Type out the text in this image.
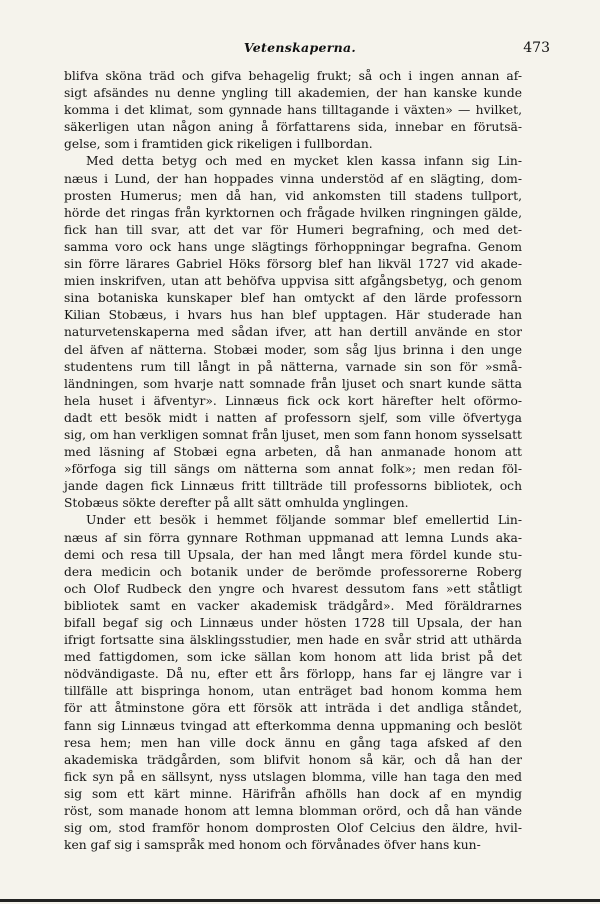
Vetenskaperna.	473
blifva sköna träd och gifva behagelig frukt; så och i ingen annan af-
sigt afsändes nu denne yngling till akademien, der han kanske kunde
komma i det klimat, som gynnade hans tilltagande i växten» — hvilket,
säkerligen utan någon aning å författarens sida, innebar en förutsä-
gelse, som i framtiden gick rikeligen i fullbordan.
Med detta betyg och med en mycket klen kassa infann sig Lin-
næus i Lund, der han hoppades vinna understöd af en slägting, dom-
prosten Humerus; men då han, vid ankomsten till stadens tullport,
hörde det ringas från kyrktornen och frågade hvilken ringningen gälde,
fick han till svar, att det var för Humeri begrafning, och med det-
samma voro ock hans unge slägtings förhoppningar begrafna. Genom
sin förre lärares Gabriel Höks försorg blef han likväl 1727 vid akade-
mien inskrifven, utan att behöfva uppvisa sitt afgångsbetyg, och genom
sina botaniska kunskaper blef han omtyckt af den lärde professorn
Kilian Stobæus, i hvars hus han blef upptagen. Här studerade han
naturvetenskaperna med sådan ifver, att han dertill använde en stor
del äfven af nätterna. Stobæi moder, som såg ljus brinna i den unge
studentens rum till långt in på nätterna, varnade sin son för »små-
ländningen, som hvarje natt somnade från ljuset och snart kunde sätta
hela huset i äfventyr». Linnæus fick ock kort härefter helt oförmo-
dadt ett besök midt i natten af professorn sjelf, som ville öfvertyga
sig, om han verkligen somnat från ljuset, men som fann honom sysselsatt
med läsning af Stobæi egna arbeten, då han anmanade honom att
»förfoga sig till sängs om nätterna som annat folk»; men redan föl-
jande dagen fick Linnæus fritt tillträde till professorns bibliotek, och
Stobæus sökte derefter på allt sätt omhulda ynglingen.
Under ett besök i hemmet följande sommar blef emellertid Lin-
næus af sin förra gynnare Rothman uppmanad att lemna Lunds aka-
demi och resa till Upsala, der han med långt mera fördel kunde stu-
dera medicin och botanik under de berömde professorerne Roberg
och Olof Rudbeck den yngre och hvarest dessutom fans »ett ståtligt
bibliotek samt en vacker akademisk trädgård». Med föräldrarnes
bifall begaf sig och Linnæus under hösten 1728 till Upsala, der han
ifrigt fortsatte sina älsklingsstudier, men hade en svår strid att uthärda
med fattigdomen, som icke sällan kom honom att lida brist på det
nödvändigaste. Då nu, efter ett års förlopp, hans far ej längre var i
tillfälle att bispringa honom, utan enträget bad honom komma hem
för att åtminstone göra ett försök att inträda i det andliga ståndet,
fann sig Linnæus tvingad att efterkomma denna uppmaning och beslöt
resa hem; men han ville dock ännu en gång taga afsked af den
akademiska trädgården, som blifvit honom så kär, och då han der
fick syn på en sällsynt, nyss utslagen blomma, ville han taga den med
sig som ett kärt minne. Härifrån afhölls han dock af en myndig
röst, som manade honom att lemna blomman orörd, och då han vände
sig om, stod framför honom domprosten Olof Celcius den äldre, hvil-
ken gaf sig i samspråk med honom och förvånades öfver hans kun-
